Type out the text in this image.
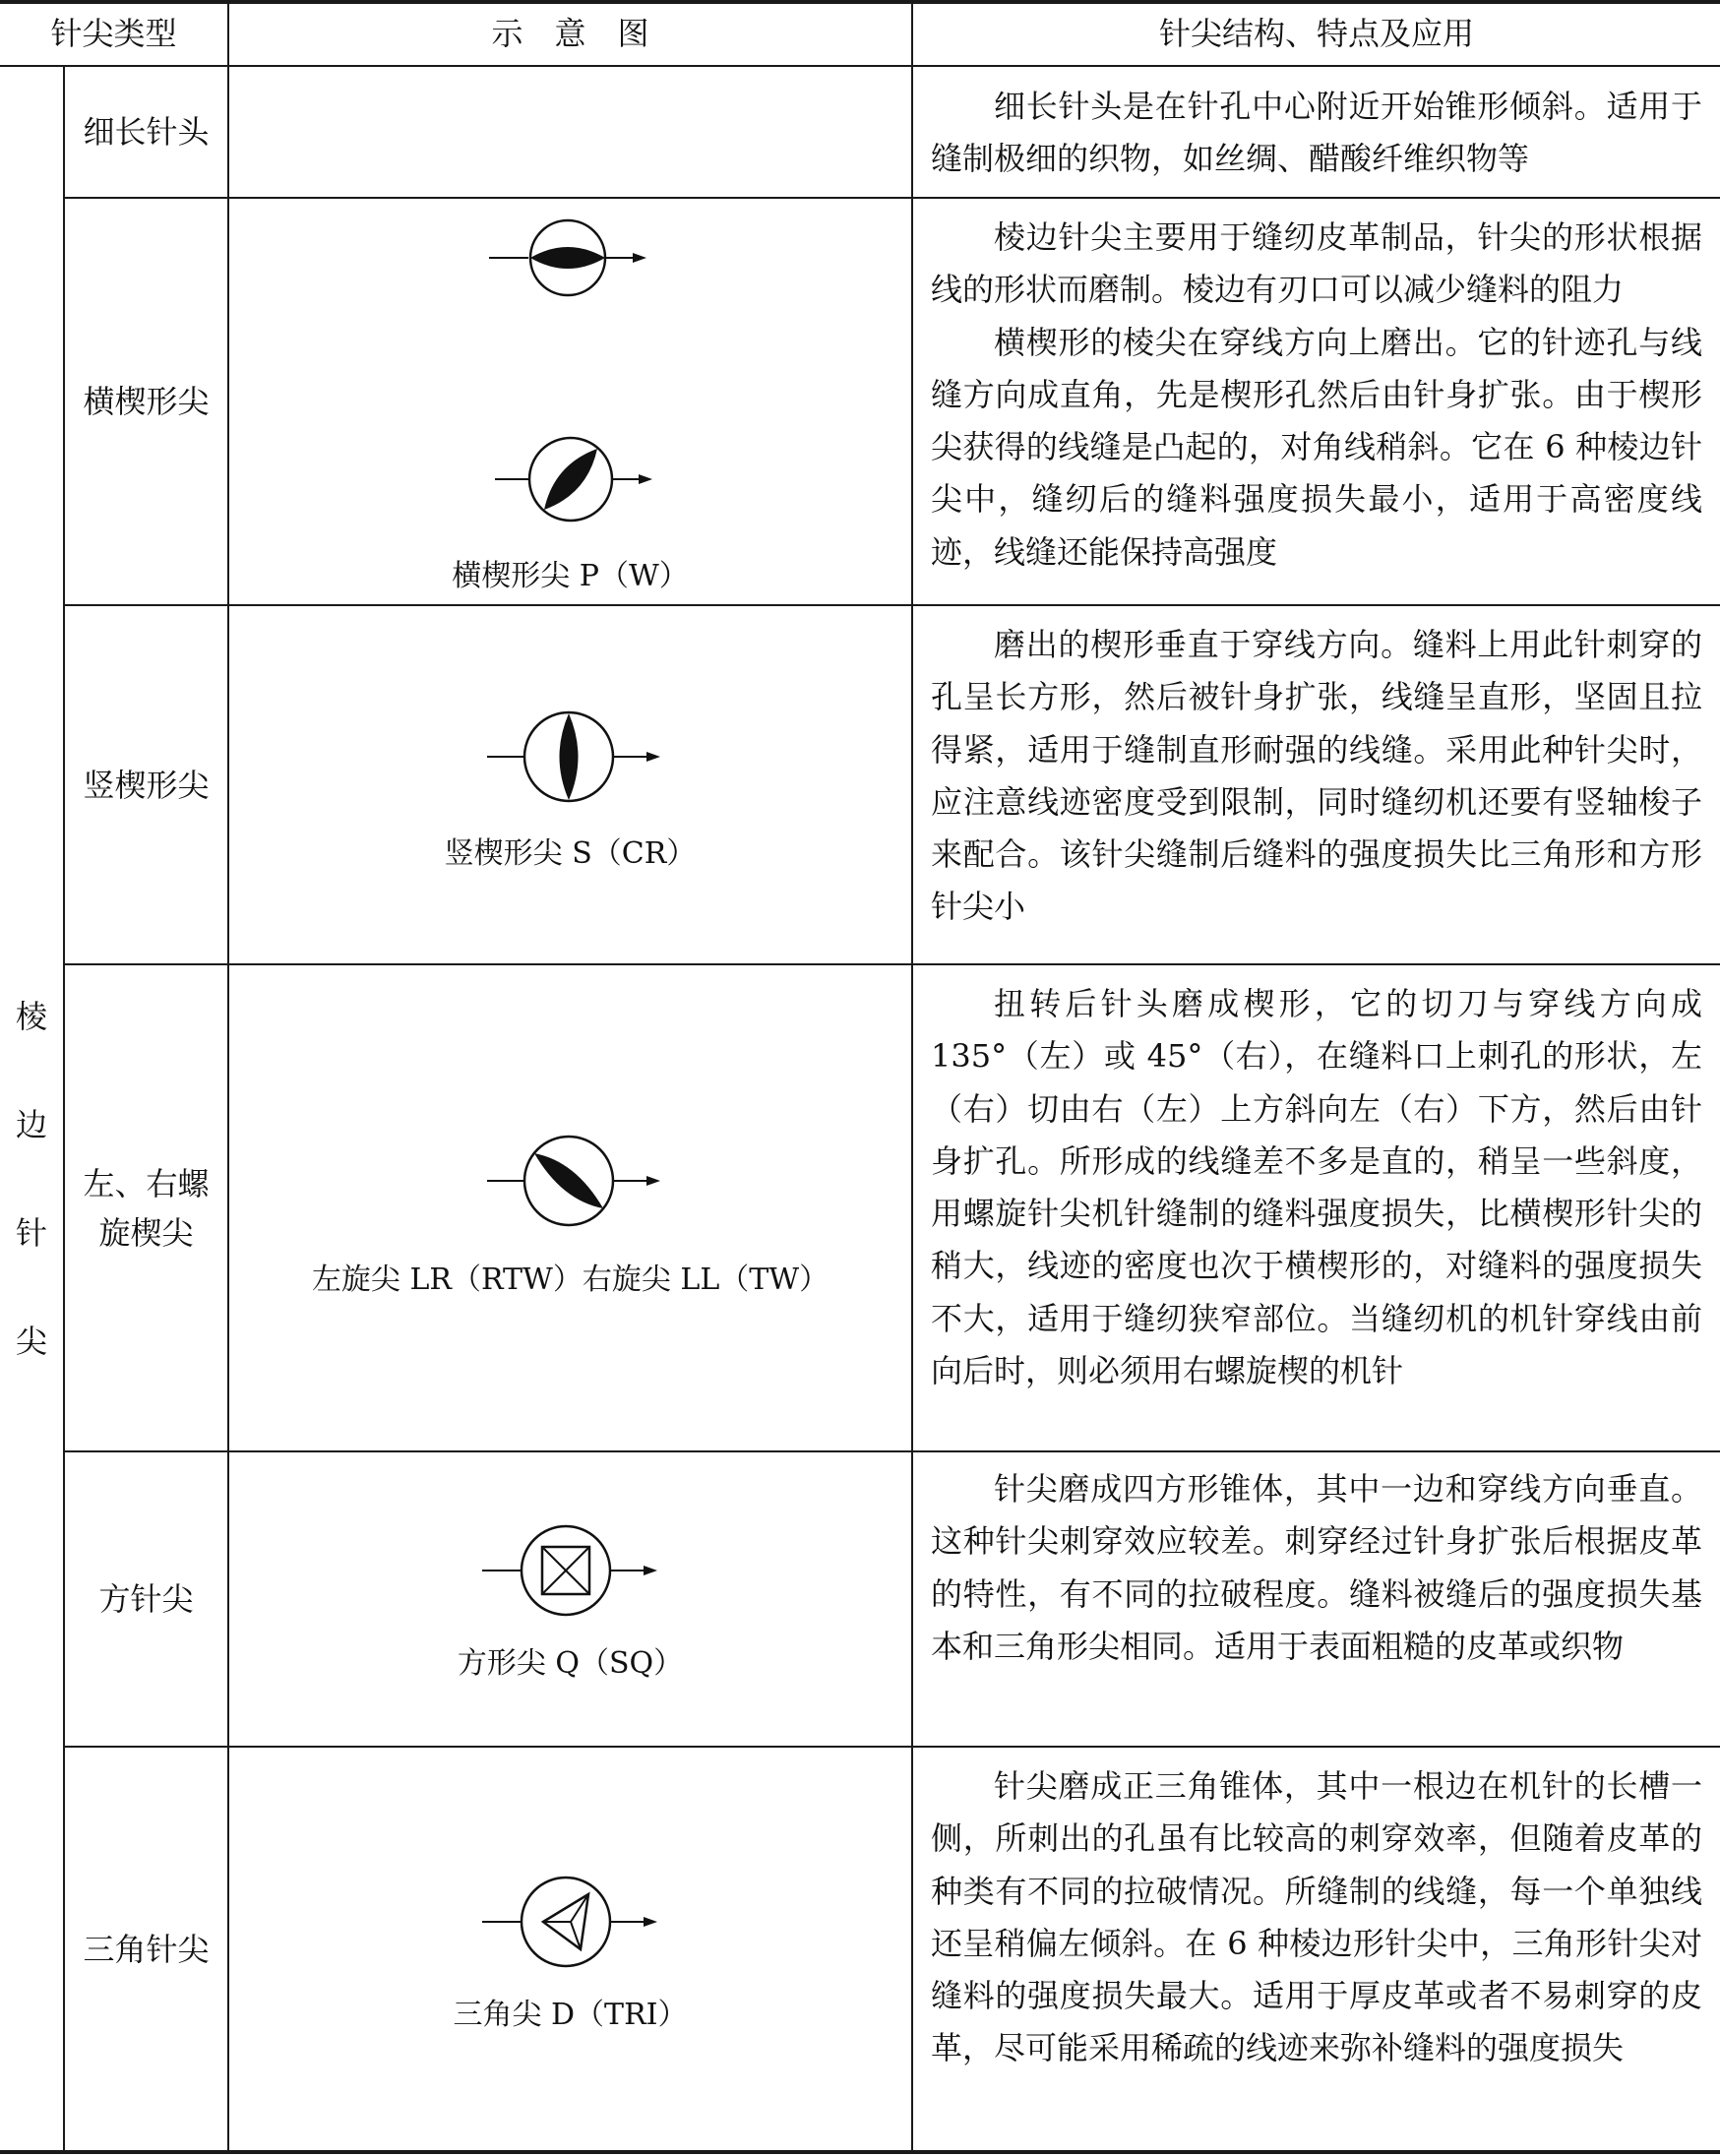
针尖类型	示　意　图	针尖结构、特点及应用
棱
边
针
尖
细长针头

细长针头是在针孔中心附近开始锥形倾斜。适用于缝制极细的织物，如丝绸、醋酸纤维织物等

横楔形尖
横楔形尖 P（W）

棱边针尖主要用于缝纫皮革制品，针尖的形状根据线的形状而磨制。棱边有刃口可以减少缝料的阻力

横楔形的棱尖在穿线方向上磨出。它的针迹孔与线缝方向成直角，先是楔形孔然后由针身扩张。由于楔形尖获得的线缝是凸起的，对角线稍斜。它在 6 种棱边针尖中，缝纫后的缝料强度损失最小，适用于高密度线迹，线缝还能保持高强度

竖楔形尖
竖楔形尖 S（CR）

磨出的楔形垂直于穿线方向。缝料上用此针刺穿的孔呈长方形，然后被针身扩张，线缝呈直形，坚固且拉得紧，适用于缝制直形耐强的线缝。采用此种针尖时，应注意线迹密度受到限制，同时缝纫机还要有竖轴梭子来配合。该针尖缝制后缝料的强度损失比三角形和方形针尖小

左、右螺
旋楔尖
左旋尖 LR（RTW）右旋尖 LL（TW）

扭转后针头磨成楔形，它的切刀与穿线方向成 135°（左）或 45°（右），在缝料口上刺孔的形状，左（右）切由右（左）上方斜向左（右）下方，然后由针身扩孔。所形成的线缝差不多是直的，稍呈一些斜度，用螺旋针尖机针缝制的缝料强度损失，比横楔形针尖的稍大，线迹的密度也次于横楔形的，对缝料的强度损失不大，适用于缝纫狭窄部位。当缝纫机的机针穿线由前向后时，则必须用右螺旋楔的机针

方针尖
方形尖 Q（SQ）

针尖磨成四方形锥体，其中一边和穿线方向垂直。这种针尖刺穿效应较差。刺穿经过针身扩张后根据皮革的特性，有不同的拉破程度。缝料被缝后的强度损失基本和三角形尖相同。适用于表面粗糙的皮革或织物

三角针尖
三角尖 D（TRI）

针尖磨成正三角锥体，其中一根边在机针的长槽一侧，所刺出的孔虽有比较高的刺穿效率，但随着皮革的种类有不同的拉破情况。所缝制的线缝，每一个单独线还呈稍偏左倾斜。在 6 种棱边形针尖中，三角形针尖对缝料的强度损失最大。适用于厚皮革或者不易刺穿的皮革，尽可能采用稀疏的线迹来弥补缝料的强度损失
